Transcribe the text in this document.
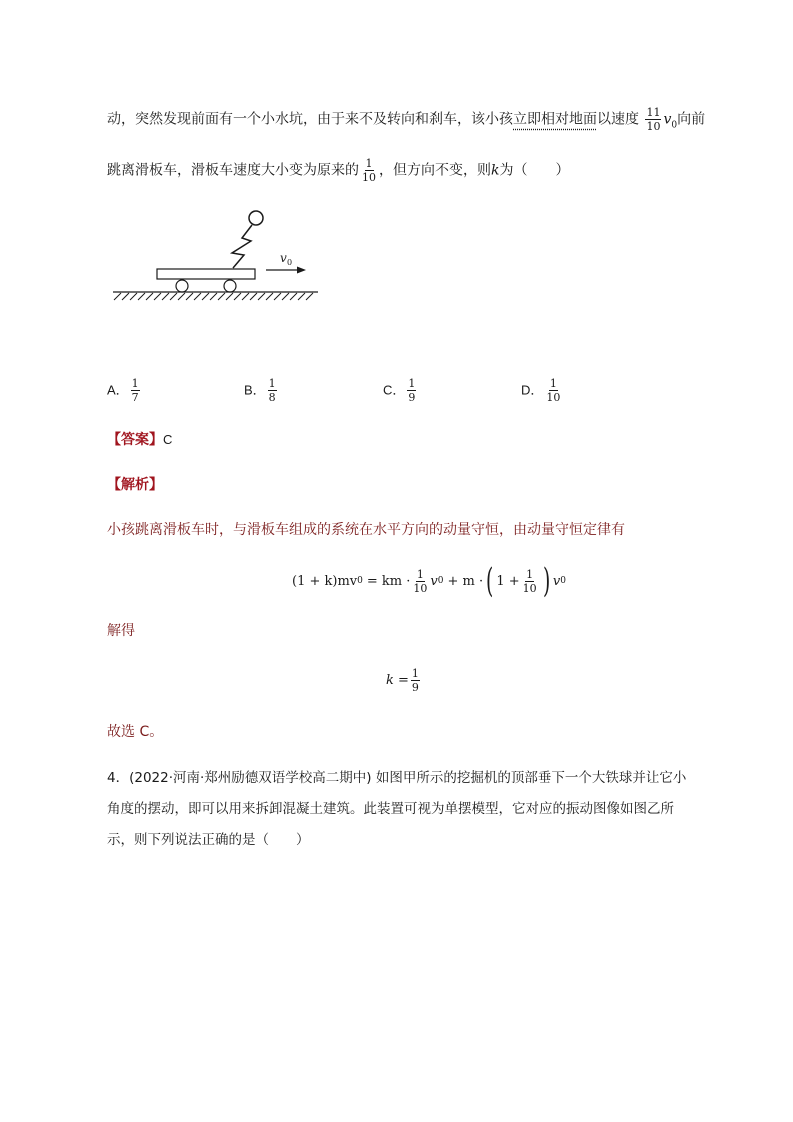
动，突然发现前面有一个小水坑，由于来不及转向和刹车，该小孩立即相对地面以速度 $\frac{11}{10} v_0$向前
跳离滑板车，滑板车速度大小变为原来的 $\frac{1}{10}$ ，但方向不变，则k为（　　）
v 0
A． $\frac{1}{7}$	B． $\frac{1}{8}$	C． $\frac{1}{9}$	D． $\frac{1}{10}$
【答案】C
【解析】
小孩跳离滑板车时，与滑板车组成的系统在水平方向的动量守恒，由动量守恒定律有
(1 + k)mv 0 = km · $\frac{1}{10}$ v 0 + m · ( $1 + \frac{1}{10}$ ) v 0
解得
$k = \frac{1}{9}$
故选 C。
4．(2022·河南·郑州励德双语学校高二期中) 如图甲所示的挖掘机的顶部垂下一个大铁球并让它小
角度的摆动，即可以用来拆卸混凝土建筑。此装置可视为单摆模型，它对应的振动图像如图乙所
示，则下列说法正确的是（　　）
